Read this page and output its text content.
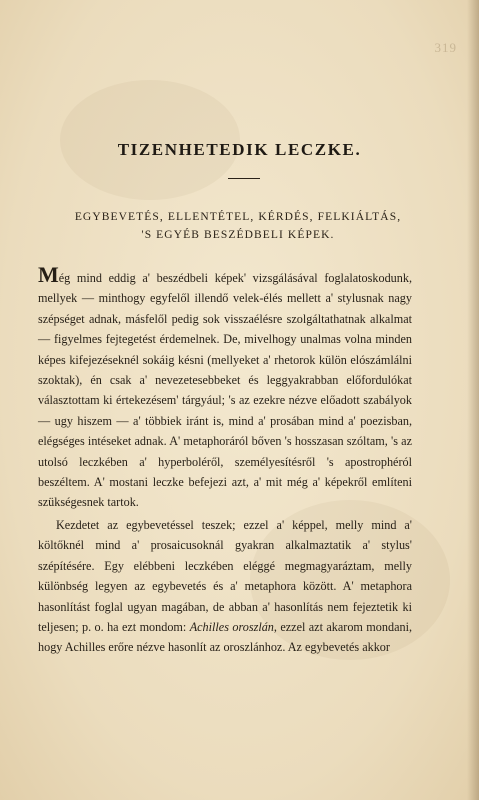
319
TIZENHETEDIK LECZKE.
EGYBEVETÉS, ELLENTÉTEL, KÉRDÉS, FELKIÁLTÁS,
'S EGYÉB BESZÉDBELI KÉPEK.

Még mind eddig a' beszédbeli képek' vizsgálásával foglalatoskodunk, mellyek — minthogy egyfelől illendő velek-élés mellett a' stylusnak nagy szépséget adnak, másfelől pedig sok visszaélésre szolgáltathatnak alkalmat — figyelmes fejtegetést érdemelnek. De, mivelhogy unalmas volna minden képes kifejezéseknél sokáig késni (mellyeket a' rhetorok külön elószámlálni szoktak), én csak a' nevezetesebbeket és leggyakrabban előfordulókat választottam ki értekezésem' tárgyául; 's az ezekre nézve előadott szabályok — ugy hiszem — a' többiek iránt is, mind a' prosában mind a' poezisban, elégséges intéseket adnak. A' metaphoráról bőven 's hosszasan szóltam, 's az utolsó leczkében a' hyperboléről, személyesítésről 's apostrophéról beszéltem. A' mostani leczke befejezi azt, a' mit még a' képekről említeni szükségesnek tartok.

Kezdetet az egybevetéssel teszek; ezzel a' képpel, melly mind a' költőknél mind a' prosaicusoknál gyakran alkalmaztatik a' stylus' szépítésére. Egy elébbeni leczkében eléggé megmagyaráztam, melly különbség legyen az egybevetés és a' metaphora között. A' metaphora hasonlítást foglal ugyan magában, de abban a' hasonlítás nem fejeztetik ki teljesen; p. o. ha ezt mondom: Achilles oroszlán, ezzel azt akarom mondani, hogy Achilles erőre nézve hasonlít az oroszlánhoz. Az egybevetés akkor
